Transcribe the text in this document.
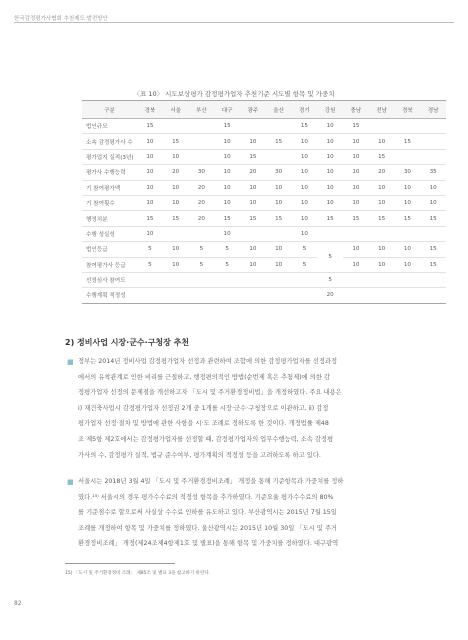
한국감정평가사협회 추천제도 발전방안
〈표 10〉 시도보상평가 감정평가업자 추천기준 시도별 항목 및 가중치
구분	경북	서울	부산	대구	광주	울산	경기	강원	충남	전남	경북	경남
법인규모	15			15			15	10	15			
소속 감정평가사 수	10	15		10	10	15	10	10	10	10	15	
평가업지 실적(3년)	10	10		10	15		10	10	10	15		
평가사 수행능력	10	20	30	10	20	30	10	10	10	20	30	35
기 참여평가액	10	10	20	10	10	10	10	10	10	10	10	10
기 참여횟수	10	10	20	10	10	10	10	10	10	10	10	10
행정처분	15	15	20	15	15	15	10	15	15	15	15	15
수행 성실성	10			10			10					
법인등급	5	10	5	5	10	10	5	5	10	10	10	15
참여평가사 등급	5	10	5	5	10	10	5		10	10	10	15
선정심사 참여도								5				
수행계획 적정성								20				
2) 정비사업 시장·군수·구청장 추천
■ 정부는 2014년 정비사업 감정평가업자 선정과 관련하여 조합에 의한 감정평가업자를 선정과정
에서의 유착관계로 인한 비리를 근절하고, 행정편의적인 방법(순번제 혹은 추첨제)에 의한 감
정평가업자 선정의 문제점을 개선하고자 「도시 및 주거환경정비법」을 개정하였다. 주요 내용은
ⅰ) 재건축사업시 감정평가업자 선정권 2개 중 1개를 시장·군수·구청장으로 이관하고, ⅱ) 감정
평가업자 선정·절차 및 방법에 관한 사항을 시·도 조례로 정하도록 한 것이다. 개정법률 제48
조 제5항 제2호에서는 감정평가업자를 선정할 때, 감정평가업자의 업무수행능력, 소속 감정평
가사의 수, 감정평가 실적, 법규 준수여부, 평가계획의 적정성 등을 고려하도록 하고 있다.
■ 서울시는 2018년 3월 4일 「도시 및 주거환경정비조례」 개정을 통해 기준항목과 가중치를 정하
였다.¹⁵⁾ 서울시의 경우 평가수수료의 적정성 항목을 추가하였다. 기준요율 평가수수료의 80%
를 기준점수로 할으로써 사실상 수수료 인하를 유도하고 있다. 부산광역시는 2015년 7월 15일
조례를 개정하여 항목 및 가중치를 정하였다. 울산광역시는 2015년 10월 30일 「도시 및 주거
환경정비조례」 개정(제24조제4항제1호 및 별표)을 통해 항목 및 가중치를 정하였다. 대구광역
15) 「도시 및 주거환경정비 조례」 제85조 및 별표 3을 참고하기 바란다.
82
